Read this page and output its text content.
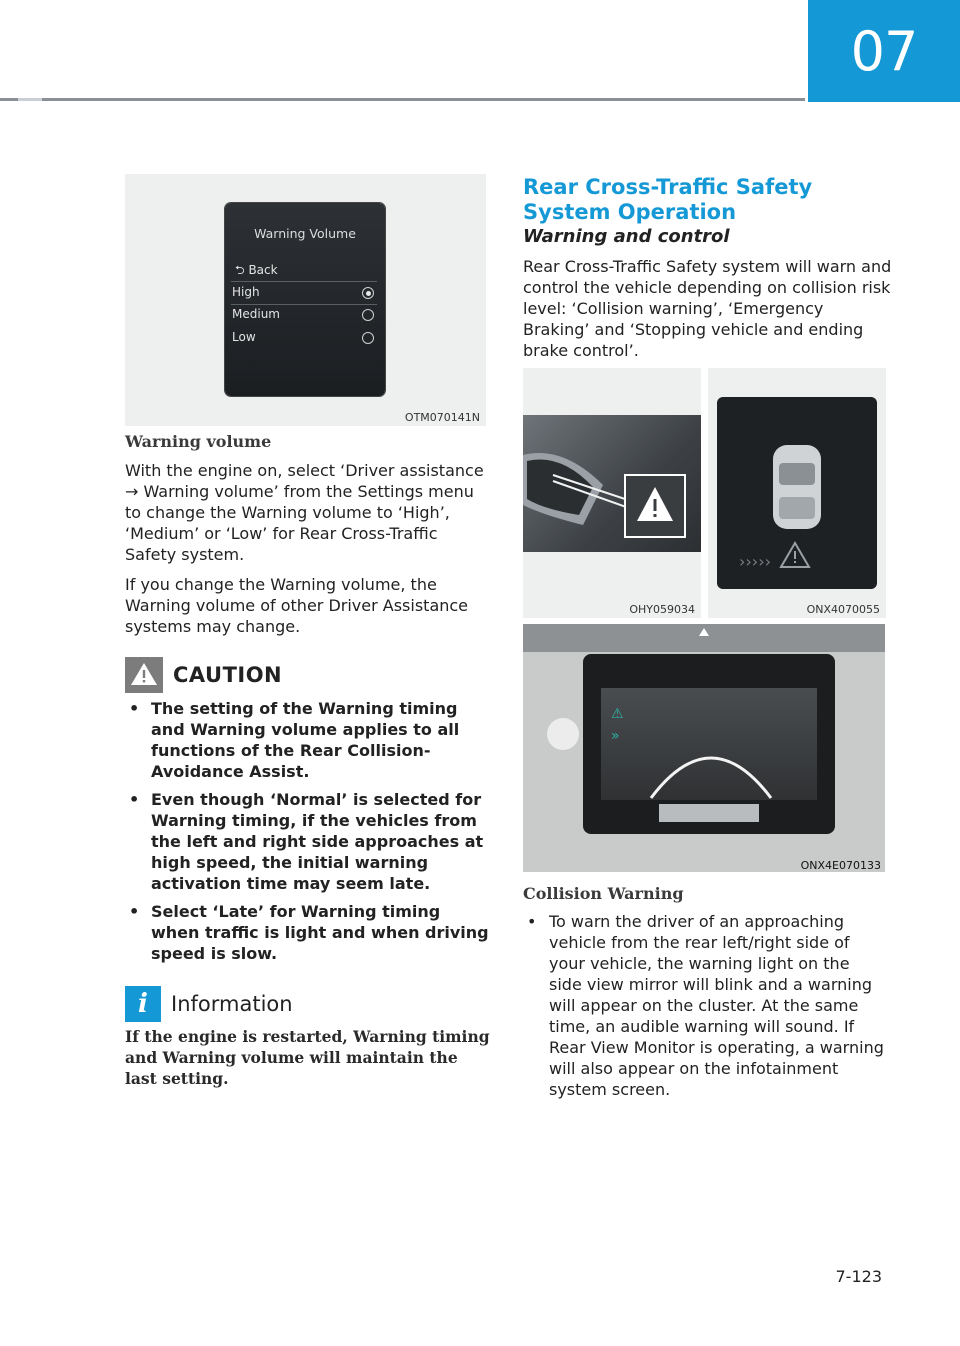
07
Warning Volume
⮌ Back
High
Medium
Low
OTM070141N
Warning volume

With the engine on, select ‘Driver assistance → Warning volume’ from the Settings menu to change the Warning volume to ‘High’, ‘Medium’ or ‘Low’ for Rear Cross-Traffic Safety system.

If you change the Warning volume, the Warning volume of other Driver Assistance systems may change.

CAUTION
• The setting of the Warning timing and Warning volume applies to all functions of the Rear Collision-Avoidance Assist.
• Even though ‘Normal’ is selected for Warning timing, if the vehicles from the left and right side approaches at high speed, the initial warning activation time may seem late.
• Select ‘Late’ for Warning timing when traffic is light and when driving speed is slow.
i	Information
If the engine is restarted, Warning timing and Warning volume will maintain the last setting.
Rear Cross-Traffic Safety System Operation
Warning and control
Rear Cross-Traffic Safety system will warn and control the vehicle depending on collision risk level: ‘Collision warning’, ‘Emergency Braking’ and ‘Stopping vehicle and ending brake control’.
OHY059034
›››››
ONX4070055
⚠
»
ONX4E070133
Collision Warning
• To warn the driver of an approaching vehicle from the rear left/right side of your vehicle, the warning light on the side view mirror will blink and a warning will appear on the cluster. At the same time, an audible warning will sound. If Rear View Monitor is operating, a warning will also appear on the infotainment system screen.
7-123
